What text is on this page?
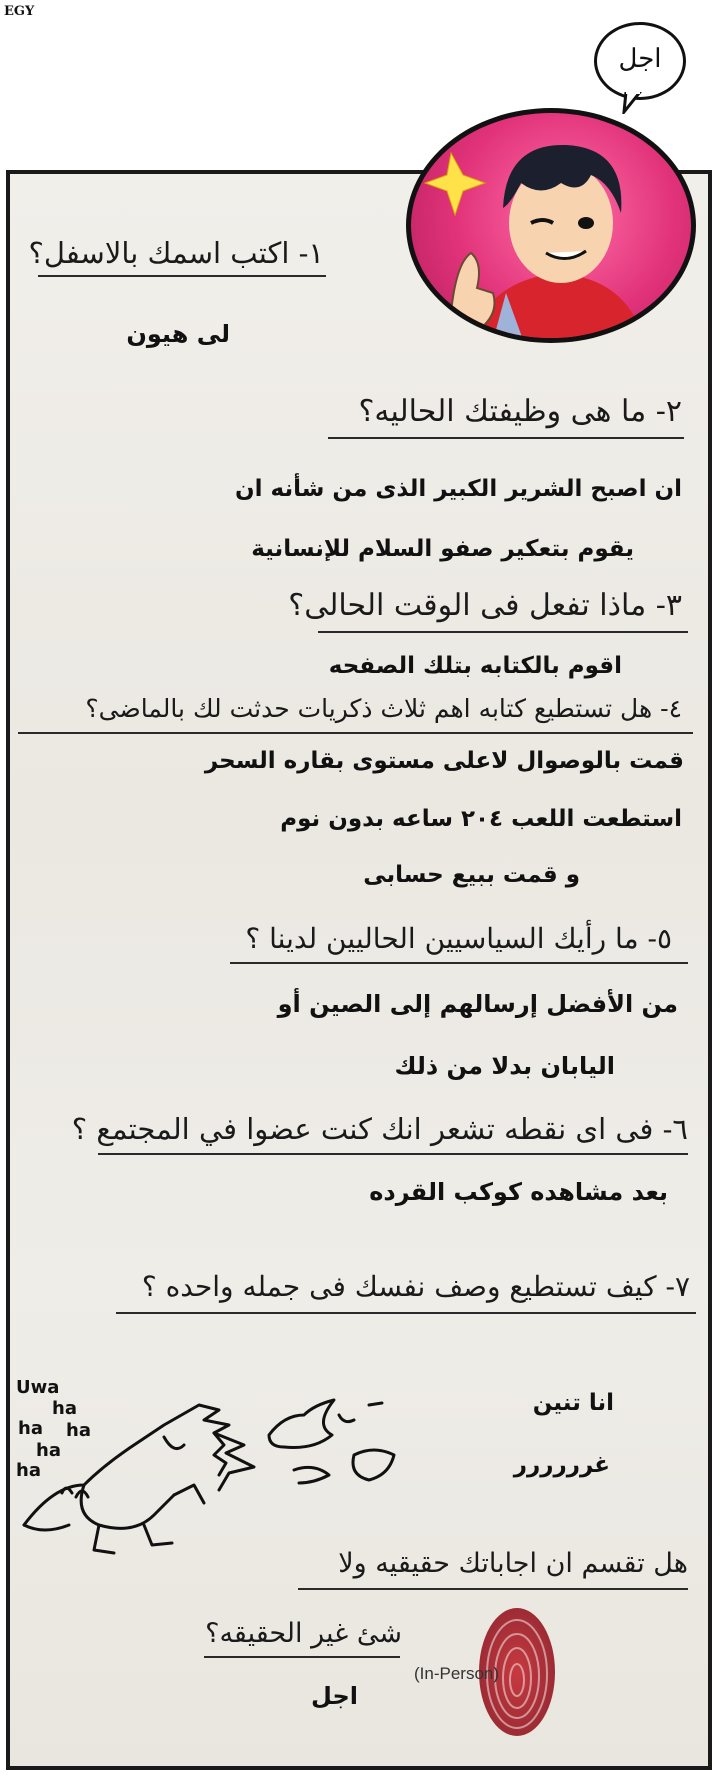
EGY
اجل
١- اكتب اسمك بالاسفل؟
لى هيون
٢- ما هى وظيفتك الحاليه؟
ان اصبح الشرير الكبير الذى من شأنه ان
يقوم بتعكير صفو السلام للإنسانية
٣- ماذا تفعل فى الوقت الحالى؟
اقوم بالكتابه بتلك الصفحه
٤- هل تستطيع كتابه اهم ثلاث ذكريات حدثت لك بالماضى؟
قمت بالوصوال لاعلى مستوى بقاره السحر
استطعت اللعب ٢٠٤ ساعه بدون نوم
و قمت ببيع حسابى
٥- ما رأيك السياسيين الحاليين لدينا ؟
من الأفضل إرسالهم إلى الصين أو
اليابان بدلا من ذلك
٦- فى اى نقطه تشعر انك كنت عضوا في المجتمع ؟
بعد مشاهده كوكب القرده
٧- كيف تستطيع وصف نفسك فى جمله واحده ؟
انا تنين
غرررررر
Uwa
ha
ha ha
ha
ha
هل تقسم ان اجاباتك حقيقيه ولا
شئ غير الحقيقه؟
اجل
(In-Person)
